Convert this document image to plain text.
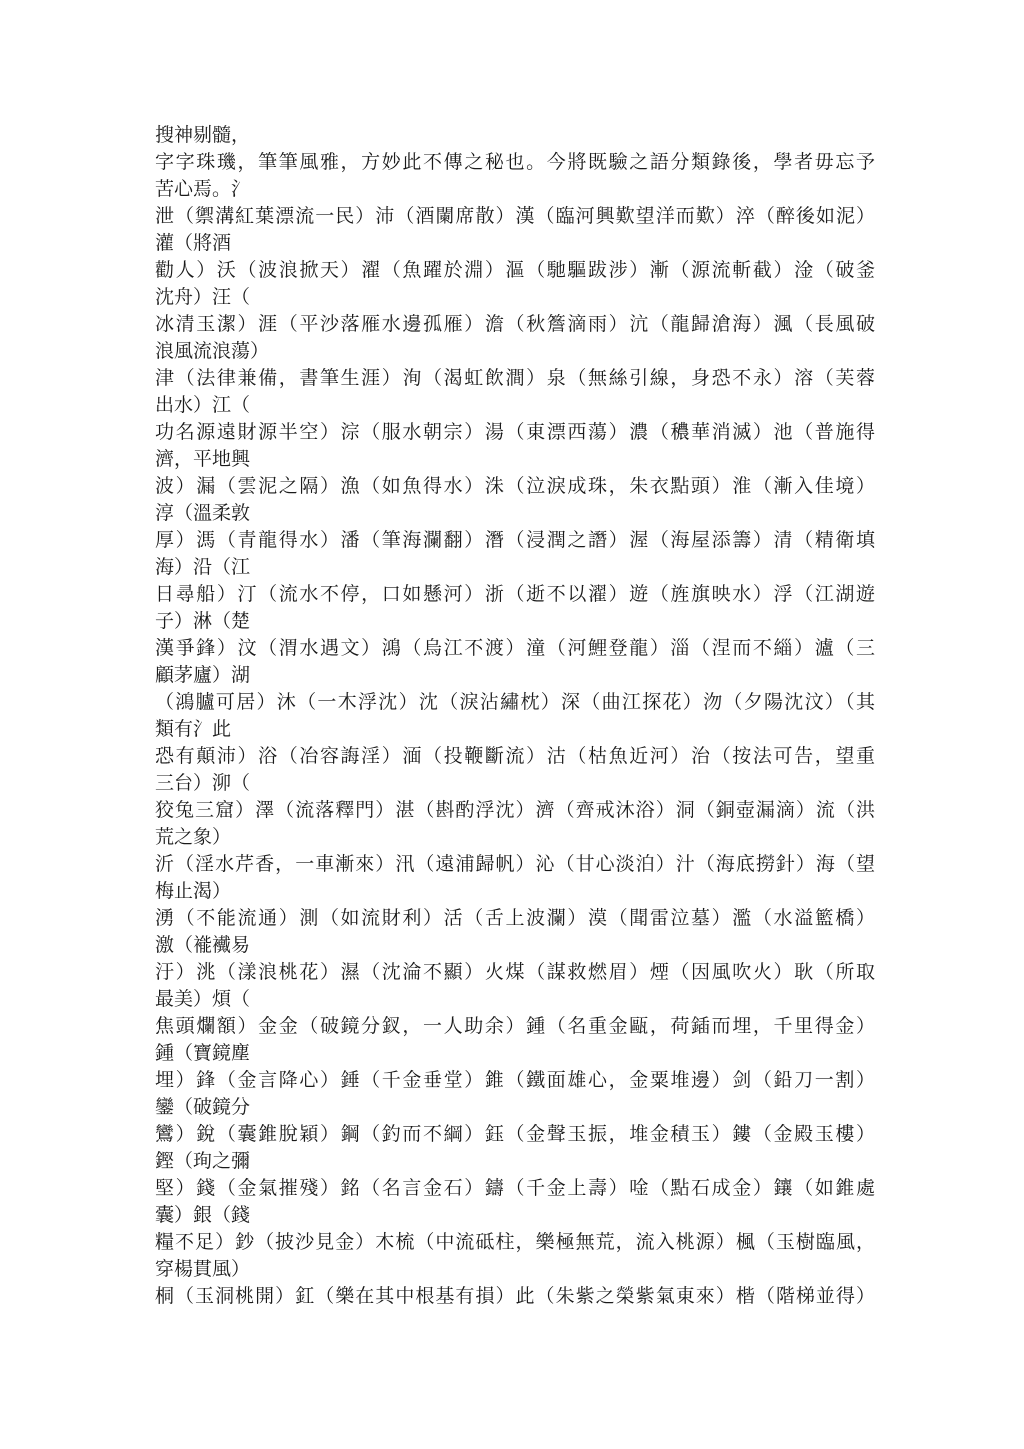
搜神剔髓，
字字珠璣，筆筆風雅，方妙此不傳之秘也。今將既驗之語分類錄後，學者毋忘予
苦心焉。氵
泄（禦溝紅葉漂流一民）沛（酒闌席散）漢（臨河興歎望洋而歎）淬（醉後如泥）
灌（將酒
勸人）沃（波浪掀天）濯（魚躍於淵）漚（馳驅跋涉）漸（源流斬截）淦（破釜
沈舟）汪（
冰清玉潔）涯（平沙落雁水邊孤雁）澹（秋簷滴雨）沆（龍歸滄海）渢（長風破
浪風流浪蕩）
津（法律兼備，書筆生涯）洵（渴虹飲澗）泉（無絲引線，身恐不永）溶（芙蓉
出水）江（
功名源遠財源半空）淙（服水朝宗）湯（東漂西蕩）濃（穠華消滅）池（普施得
濟，平地興
波）漏（雲泥之隔）漁（如魚得水）洙（泣淚成珠，朱衣點頭）淮（漸入佳境）
淳（溫柔敦
厚）溤（青龍得水）潘（筆海瀾翻）潛（浸潤之譖）渥（海屋添籌）清（精衛填
海）沿（江
日尋船）汀（流水不停，口如懸河）浙（逝不以濯）遊（旌旗映水）浮（江湖遊
子）淋（楚
漢爭鋒）汶（渭水遇文）鴻（烏江不渡）潼（河鯉登龍）淄（涅而不緇）瀘（三
顧茅廬）湖
（鴻臚可居）沐（一木浮沈）沈（淚沾繡枕）深（曲江探花）沕（夕陽沈汶）（其
類有氵此
恐有顛沛）浴（冶容誨淫）湎（投鞭斷流）沽（枯魚近河）治（按法可告，望重
三台）泖（
狡兔三窟）澤（流落釋門）湛（斟酌浮沈）濟（齊戒沐浴）洞（銅壺漏滴）流（洪
荒之象）
沂（淫水芹香，一車漸來）汛（遠浦歸帆）沁（甘心淡泊）汁（海底撈針）海（望
梅止渴）
湧（不能流通）測（如流財利）活（舌上波瀾）漠（聞雷泣墓）濫（水溢籃橋）
激（褦襶易
汙）洮（漾浪桃花）濕（沈淪不顯）火煤（謀救燃眉）煙（因風吹火）耿（所取
最美）煩（
焦頭爛額）金金（破鏡分釵，一人助余）鍾（名重金甌，荷鍤而埋，千里得金）
鍾（寶鏡塵
埋）鋒（金言降心）錘（千金垂堂）錐（鐵面雄心，金粟堆邊）剑（鉛刀一割）
鑾（破鏡分
鸞）銳（囊錐脫穎）鋼（釣而不綱）鈺（金聲玉振，堆金積玉）鏤（金殿玉樓）
鏗（珣之彌
堅）錢（金氣摧殘）銘（名言金石）鑄（千金上壽）唫（點石成金）鑲（如錐處
囊）銀（錢
糧不足）鈔（披沙見金）木梳（中流砥柱，樂極無荒，流入桃源）楓（玉樹臨風，
穿楊貫風）
桐（玉洞桃開）釭（樂在其中根基有損）此（朱紫之榮紫氣東來）楷（階梯並得）
